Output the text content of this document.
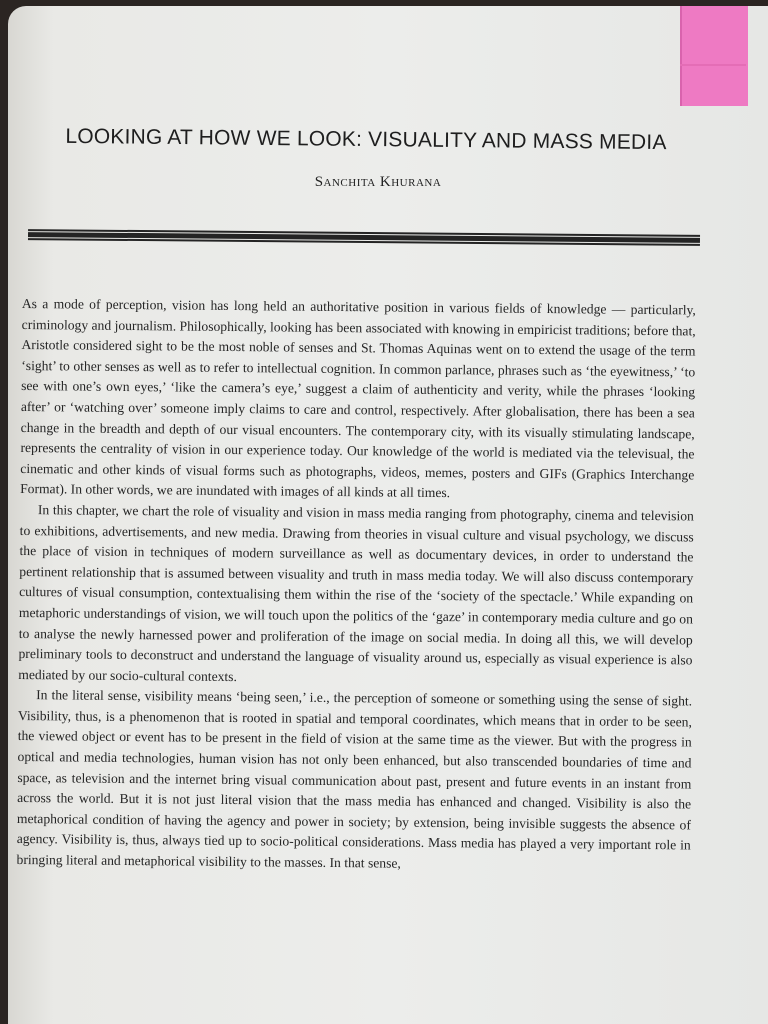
LOOKING AT HOW WE LOOK: VISUALITY AND MASS MEDIA
Sanchita Khurana

As a mode of perception, vision has long held an authoritative position in various fields of knowledge — particularly, criminology and journalism. Philosophically, looking has been associated with knowing in empiricist traditions; before that, Aristotle considered sight to be the most noble of senses and St. Thomas Aquinas went on to extend the usage of the term ‘sight’ to other senses as well as to refer to intellectual cognition. In common parlance, phrases such as ‘the eyewitness,’ ‘to see with one’s own eyes,’ ‘like the camera’s eye,’ suggest a claim of authenticity and verity, while the phrases ‘looking after’ or ‘watching over’ someone imply claims to care and control, respectively. After globalisation, there has been a sea change in the breadth and depth of our visual encounters. The contemporary city, with its visually stimulating landscape, represents the centrality of vision in our experience today. Our knowledge of the world is mediated via the televisual, the cinematic and other kinds of visual forms such as photographs, videos, memes, posters and GIFs (Graphics Interchange Format). In other words, we are inundated with images of all kinds at all times.

In this chapter, we chart the role of visuality and vision in mass media ranging from photography, cinema and television to exhibitions, advertisements, and new media. Drawing from theories in visual culture and visual psychology, we discuss the place of vision in techniques of modern surveillance as well as documentary devices, in order to understand the pertinent relationship that is assumed between visuality and truth in mass media today. We will also discuss contemporary cultures of visual consumption, contextualising them within the rise of the ‘society of the spectacle.’ While expanding on metaphoric understandings of vision, we will touch upon the politics of the ‘gaze’ in contemporary media culture and go on to analyse the newly harnessed power and proliferation of the image on social media. In doing all this, we will develop preliminary tools to deconstruct and understand the language of visuality around us, especially as visual experience is also mediated by our socio-cultural contexts.

In the literal sense, visibility means ‘being seen,’ i.e., the perception of someone or something using the sense of sight. Visibility, thus, is a phenomenon that is rooted in spatial and temporal coordinates, which means that in order to be seen, the viewed object or event has to be present in the field of vision at the same time as the viewer. But with the progress in optical and media technologies, human vision has not only been enhanced, but also transcended boundaries of time and space, as television and the internet bring visual communication about past, present and future events in an instant from across the world. But it is not just literal vision that the mass media has enhanced and changed. Visibility is also the metaphorical condition of having the agency and power in society; by extension, being invisible suggests the absence of agency. Visibility is, thus, always tied up to socio-political considerations. Mass media has played a very important role in bringing literal and metaphorical visibility to the masses. In that sense,
